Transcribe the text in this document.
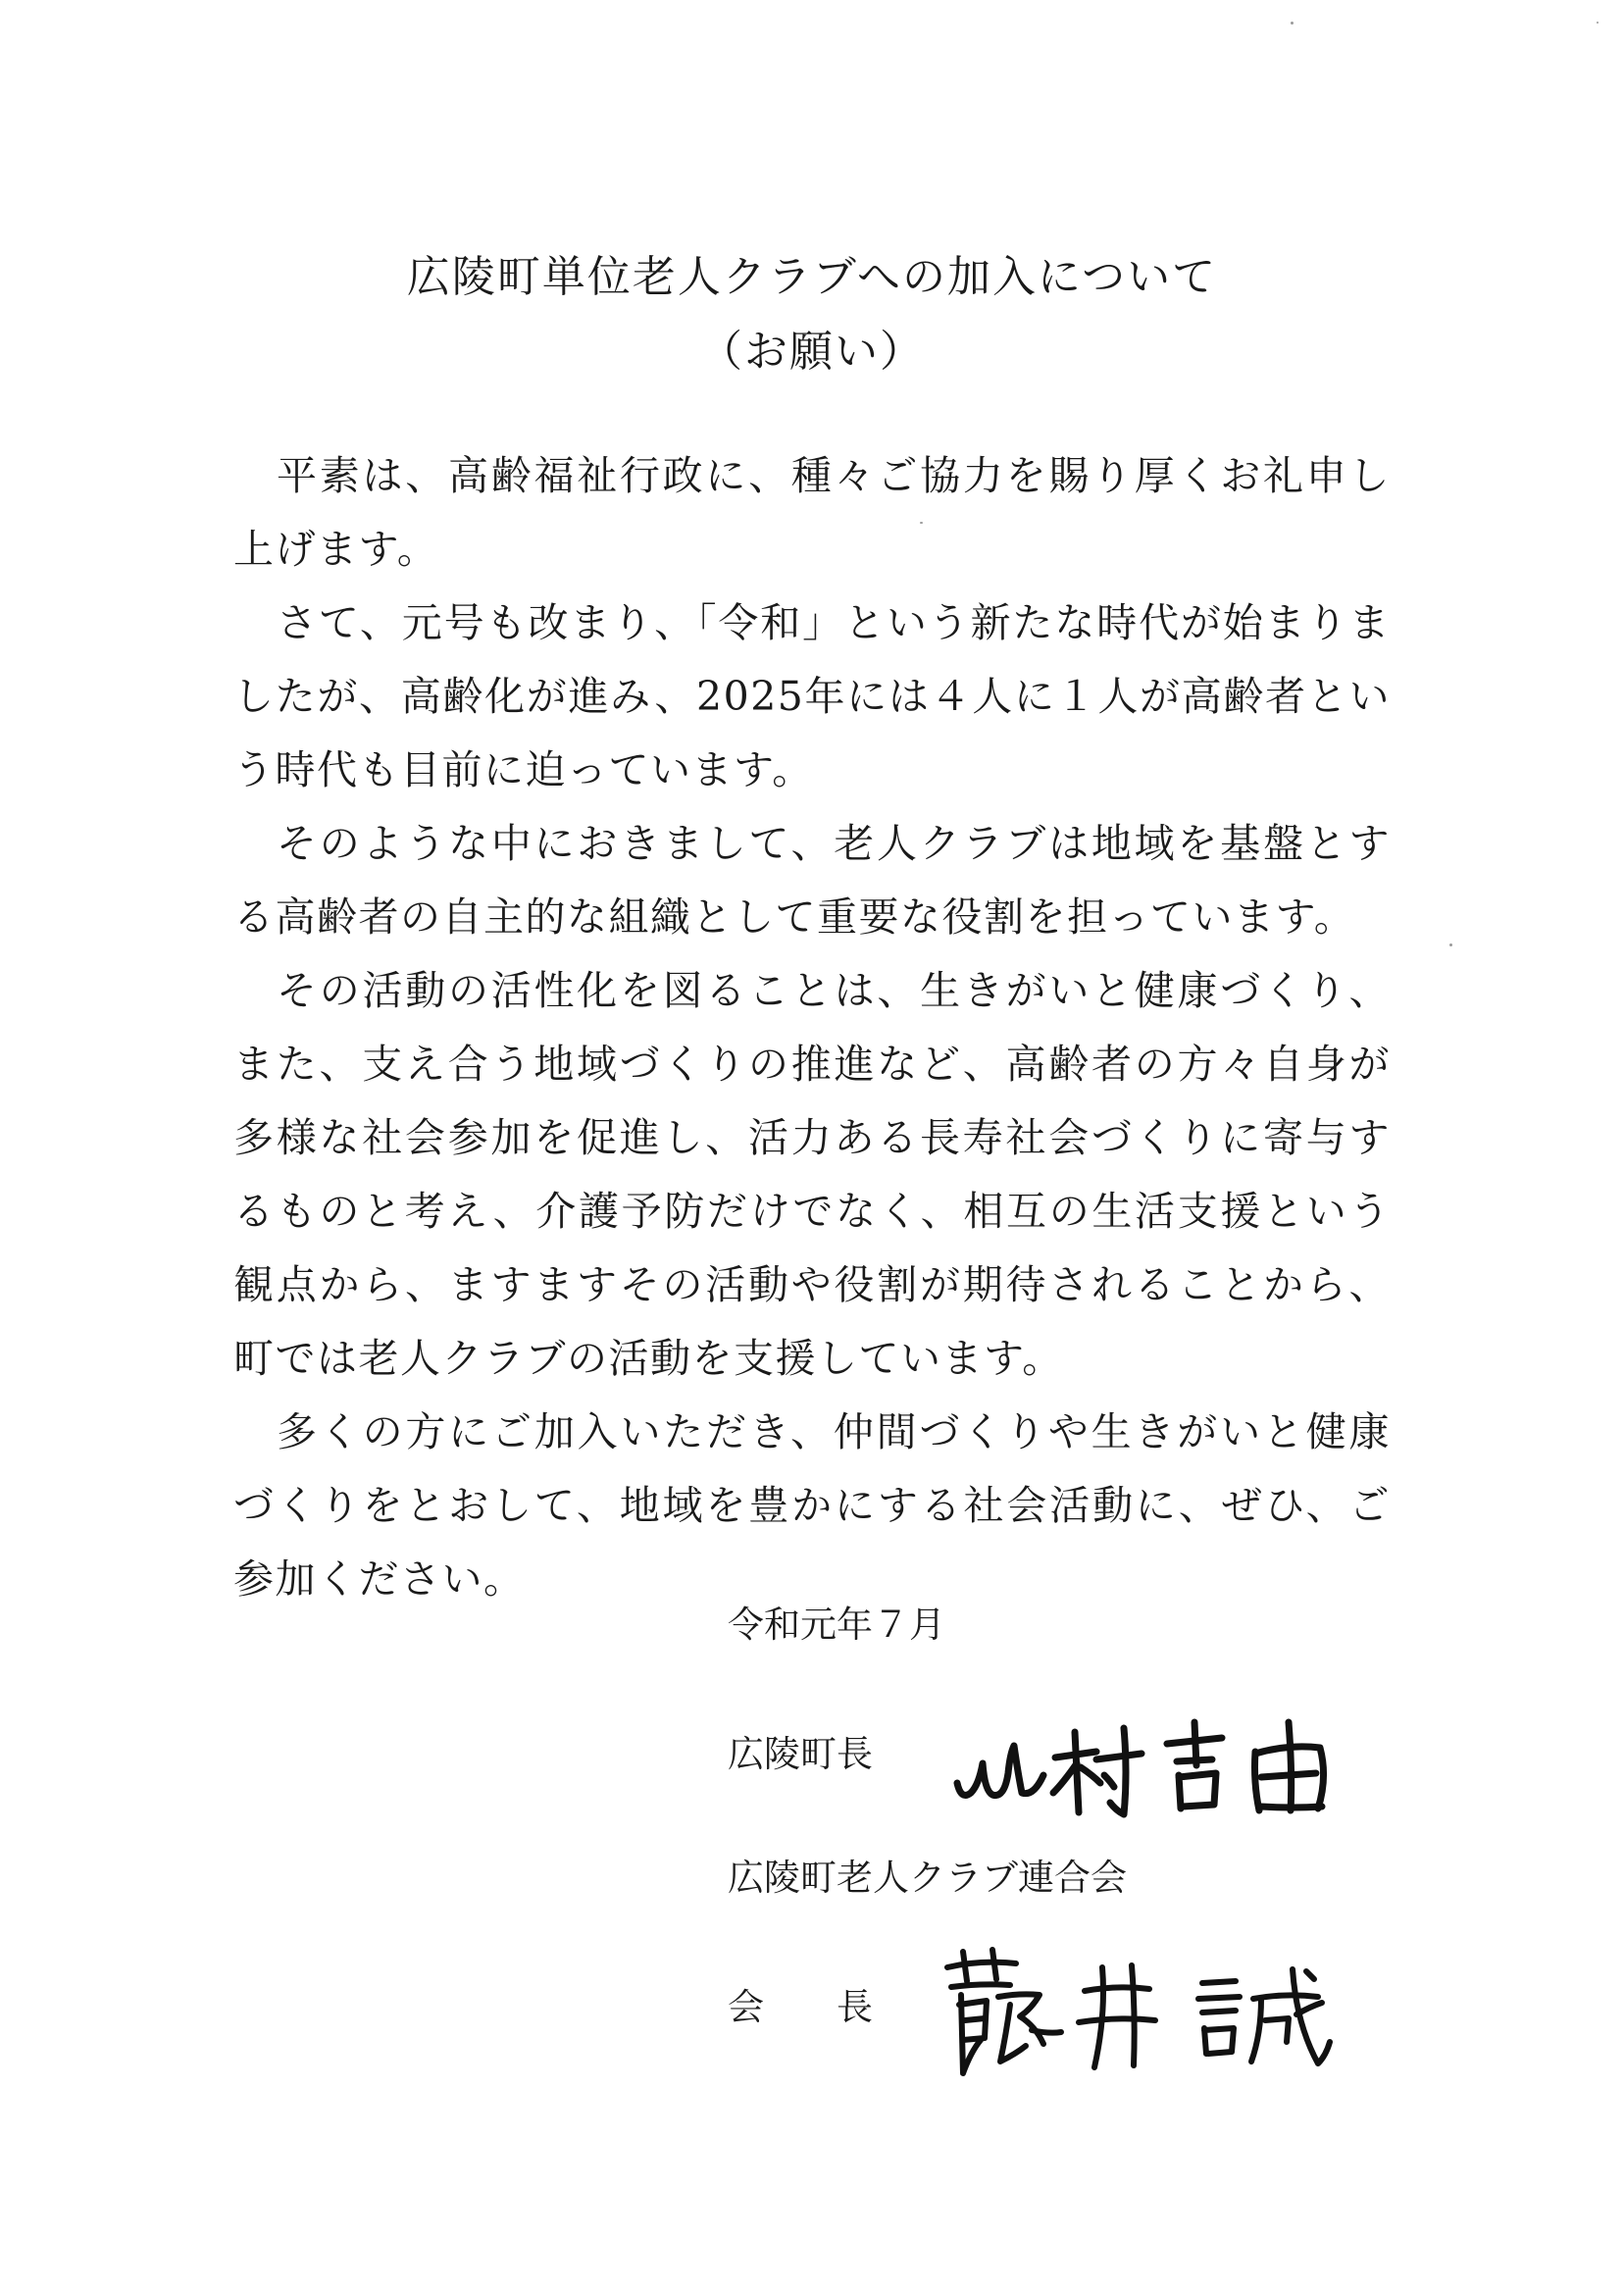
広陵町単位老人クラブへの加入について
（お願い）

平素は、高齢福祉行政に、種々ご協力を賜り厚くお礼申し上げます。

さて、元号も改まり、「令和」という新たな時代が始まりましたが、高齢化が進み、2025年には４人に１人が高齢者という時代も目前に迫っています。

そのような中におきまして、老人クラブは地域を基盤とする高齢者の自主的な組織として重要な役割を担っています。

その活動の活性化を図ることは、生きがいと健康づくり、また、支え合う地域づくりの推進など、高齢者の方々自身が多様な社会参加を促進し、活力ある長寿社会づくりに寄与するものと考え、介護予防だけでなく、相互の生活支援という観点から、ますますその活動や役割が期待されることから、町では老人クラブの活動を支援しています。

多くの方にご加入いただき、仲間づくりや生きがいと健康づくりをとおして、地域を豊かにする社会活動に、ぜひ、ご参加ください。

令和元年７月
広陵町長
広陵町老人クラブ連合会
会　　長
